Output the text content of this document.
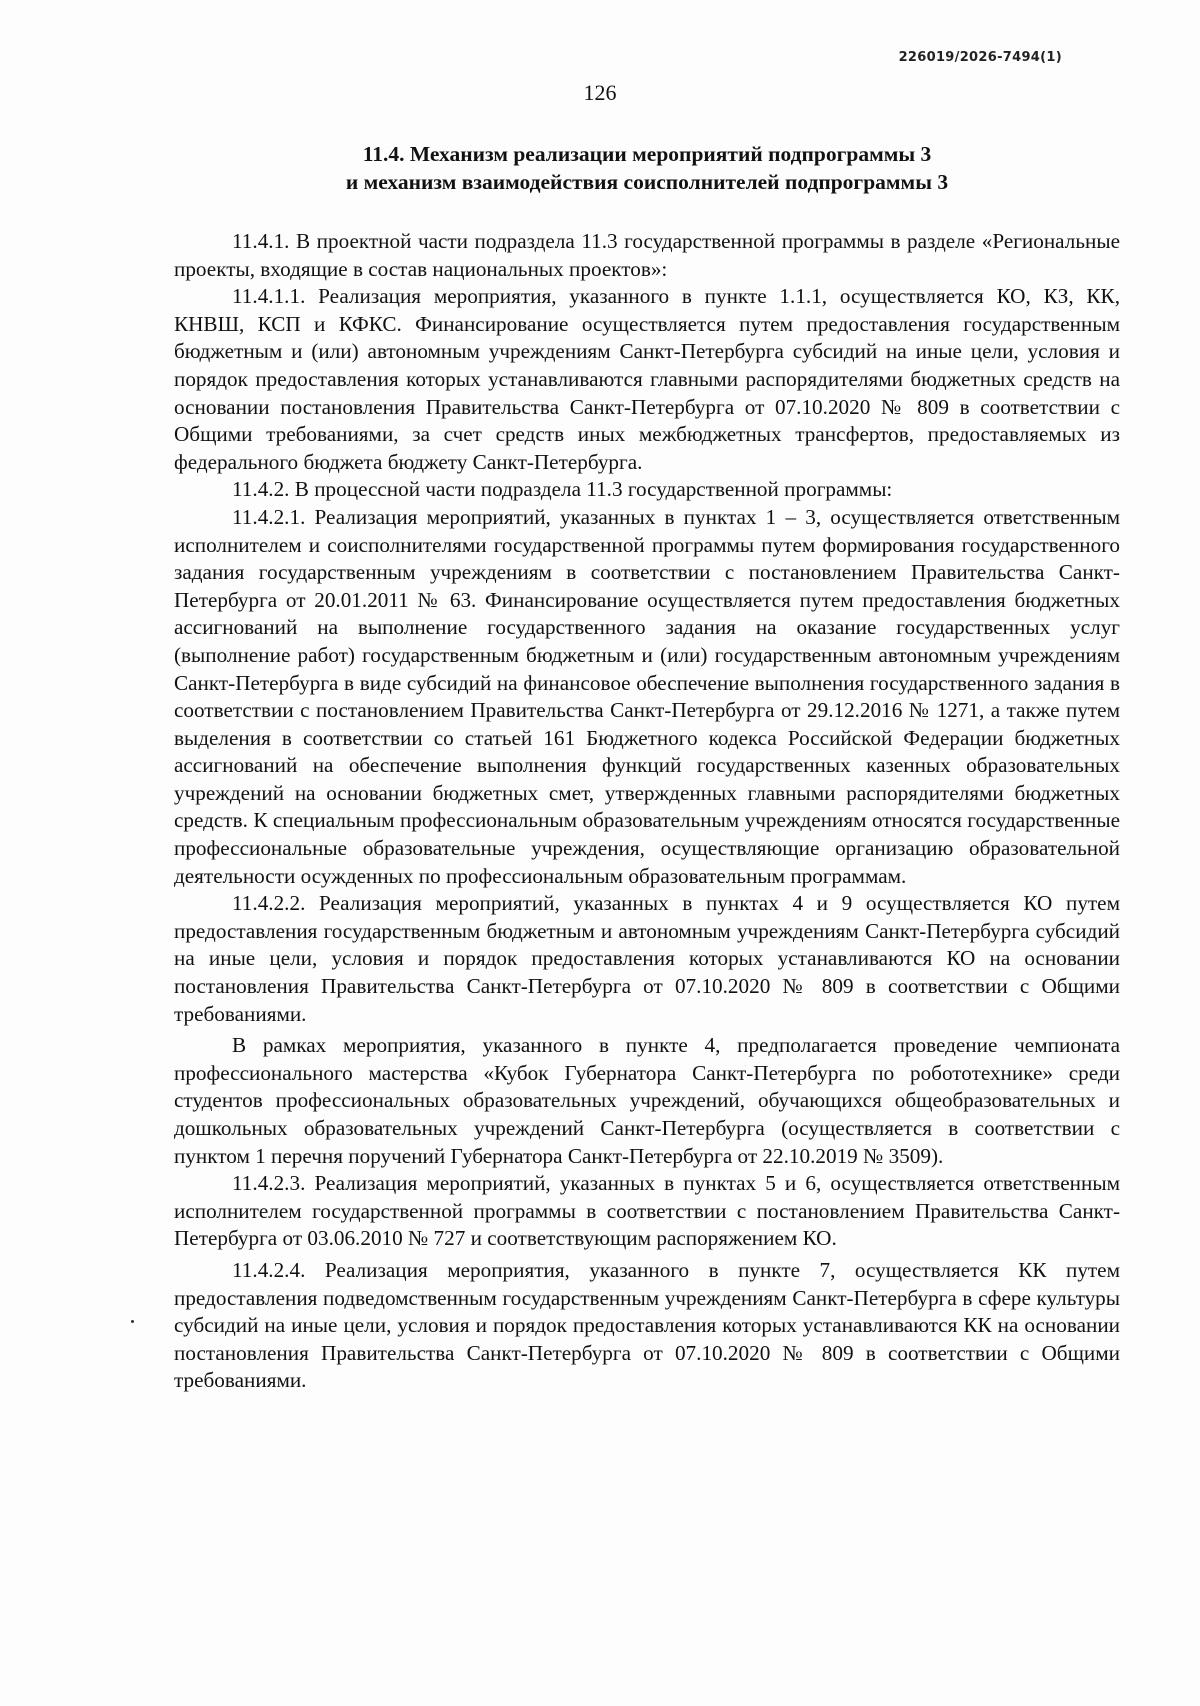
226019/2026-7494(1)
126
11.4. Механизм реализации мероприятий подпрограммы 3
и механизм взаимодействия соисполнителей подпрограммы 3

11.4.1. В проектной части подраздела 11.3 государственной программы в разделе «Региональные проекты, входящие в состав национальных проектов»:

11.4.1.1. Реализация мероприятия, указанного в пункте 1.1.1, осуществляется КО, КЗ, КК, КНВШ, КСП и КФКС. Финансирование осуществляется путем предоставления государственным бюджетным и (или) автономным учреждениям Санкт-Петербурга субсидий на иные цели, условия и порядок предоставления которых устанавливаются главными распорядителями бюджетных средств на основании постановления Правительства Санкт-Петербурга от 07.10.2020 № 809 в соответствии с Общими требованиями, за счет средств иных межбюджетных трансфертов, предоставляемых из федерального бюджета бюджету Санкт-Петербурга.

11.4.2. В процессной части подраздела 11.3 государственной программы:

11.4.2.1. Реализация мероприятий, указанных в пунктах 1 – 3, осуществляется ответственным исполнителем и соисполнителями государственной программы путем формирования государственного задания государственным учреждениям в соответствии с постановлением Правительства Санкт-Петербурга от 20.01.2011 № 63. Финансирование осуществляется путем предоставления бюджетных ассигнований на выполнение государственного задания на оказание государственных услуг (выполнение работ) государственным бюджетным и (или) государственным автономным учреждениям Санкт-Петербурга в виде субсидий на финансовое обеспечение выполнения государственного задания в соответствии с постановлением Правительства Санкт-Петербурга от 29.12.2016 № 1271, а также путем выделения в соответствии со статьей 161 Бюджетного кодекса Российской Федерации бюджетных ассигнований на обеспечение выполнения функций государственных казенных образовательных учреждений на основании бюджетных смет, утвержденных главными распорядителями бюджетных средств. К специальным профессиональным образовательным учреждениям относятся государственные профессиональные образовательные учреждения, осуществляющие организацию образовательной деятельности осужденных по профессиональным образовательным программам.

11.4.2.2. Реализация мероприятий, указанных в пунктах 4 и 9 осуществляется КО путем предоставления государственным бюджетным и автономным учреждениям Санкт-Петербурга субсидий на иные цели, условия и порядок предоставления которых устанавливаются КО на основании постановления Правительства Санкт-Петербурга от 07.10.2020 № 809 в соответствии с Общими требованиями.

В рамках мероприятия, указанного в пункте 4, предполагается проведение чемпионата профессионального мастерства «Кубок Губернатора Санкт-Петербурга по робототехнике» среди студентов профессиональных образовательных учреждений, обучающихся общеобразовательных и дошкольных образовательных учреждений Санкт-Петербурга (осуществляется в соответствии с пунктом 1 перечня поручений Губернатора Санкт-Петербурга от 22.10.2019 № 3509).

11.4.2.3. Реализация мероприятий, указанных в пунктах 5 и 6, осуществляется ответственным исполнителем государственной программы в соответствии с постановлением Правительства Санкт-Петербурга от 03.06.2010 № 727 и соответствующим распоряжением КО.

11.4.2.4. Реализация мероприятия, указанного в пункте 7, осуществляется КК путем предоставления подведомственным государственным учреждениям Санкт-Петербурга в сфере культуры субсидий на иные цели, условия и порядок предоставления которых устанавливаются КК на основании постановления Правительства Санкт-Петербурга от 07.10.2020 № 809 в соответствии с Общими требованиями.
